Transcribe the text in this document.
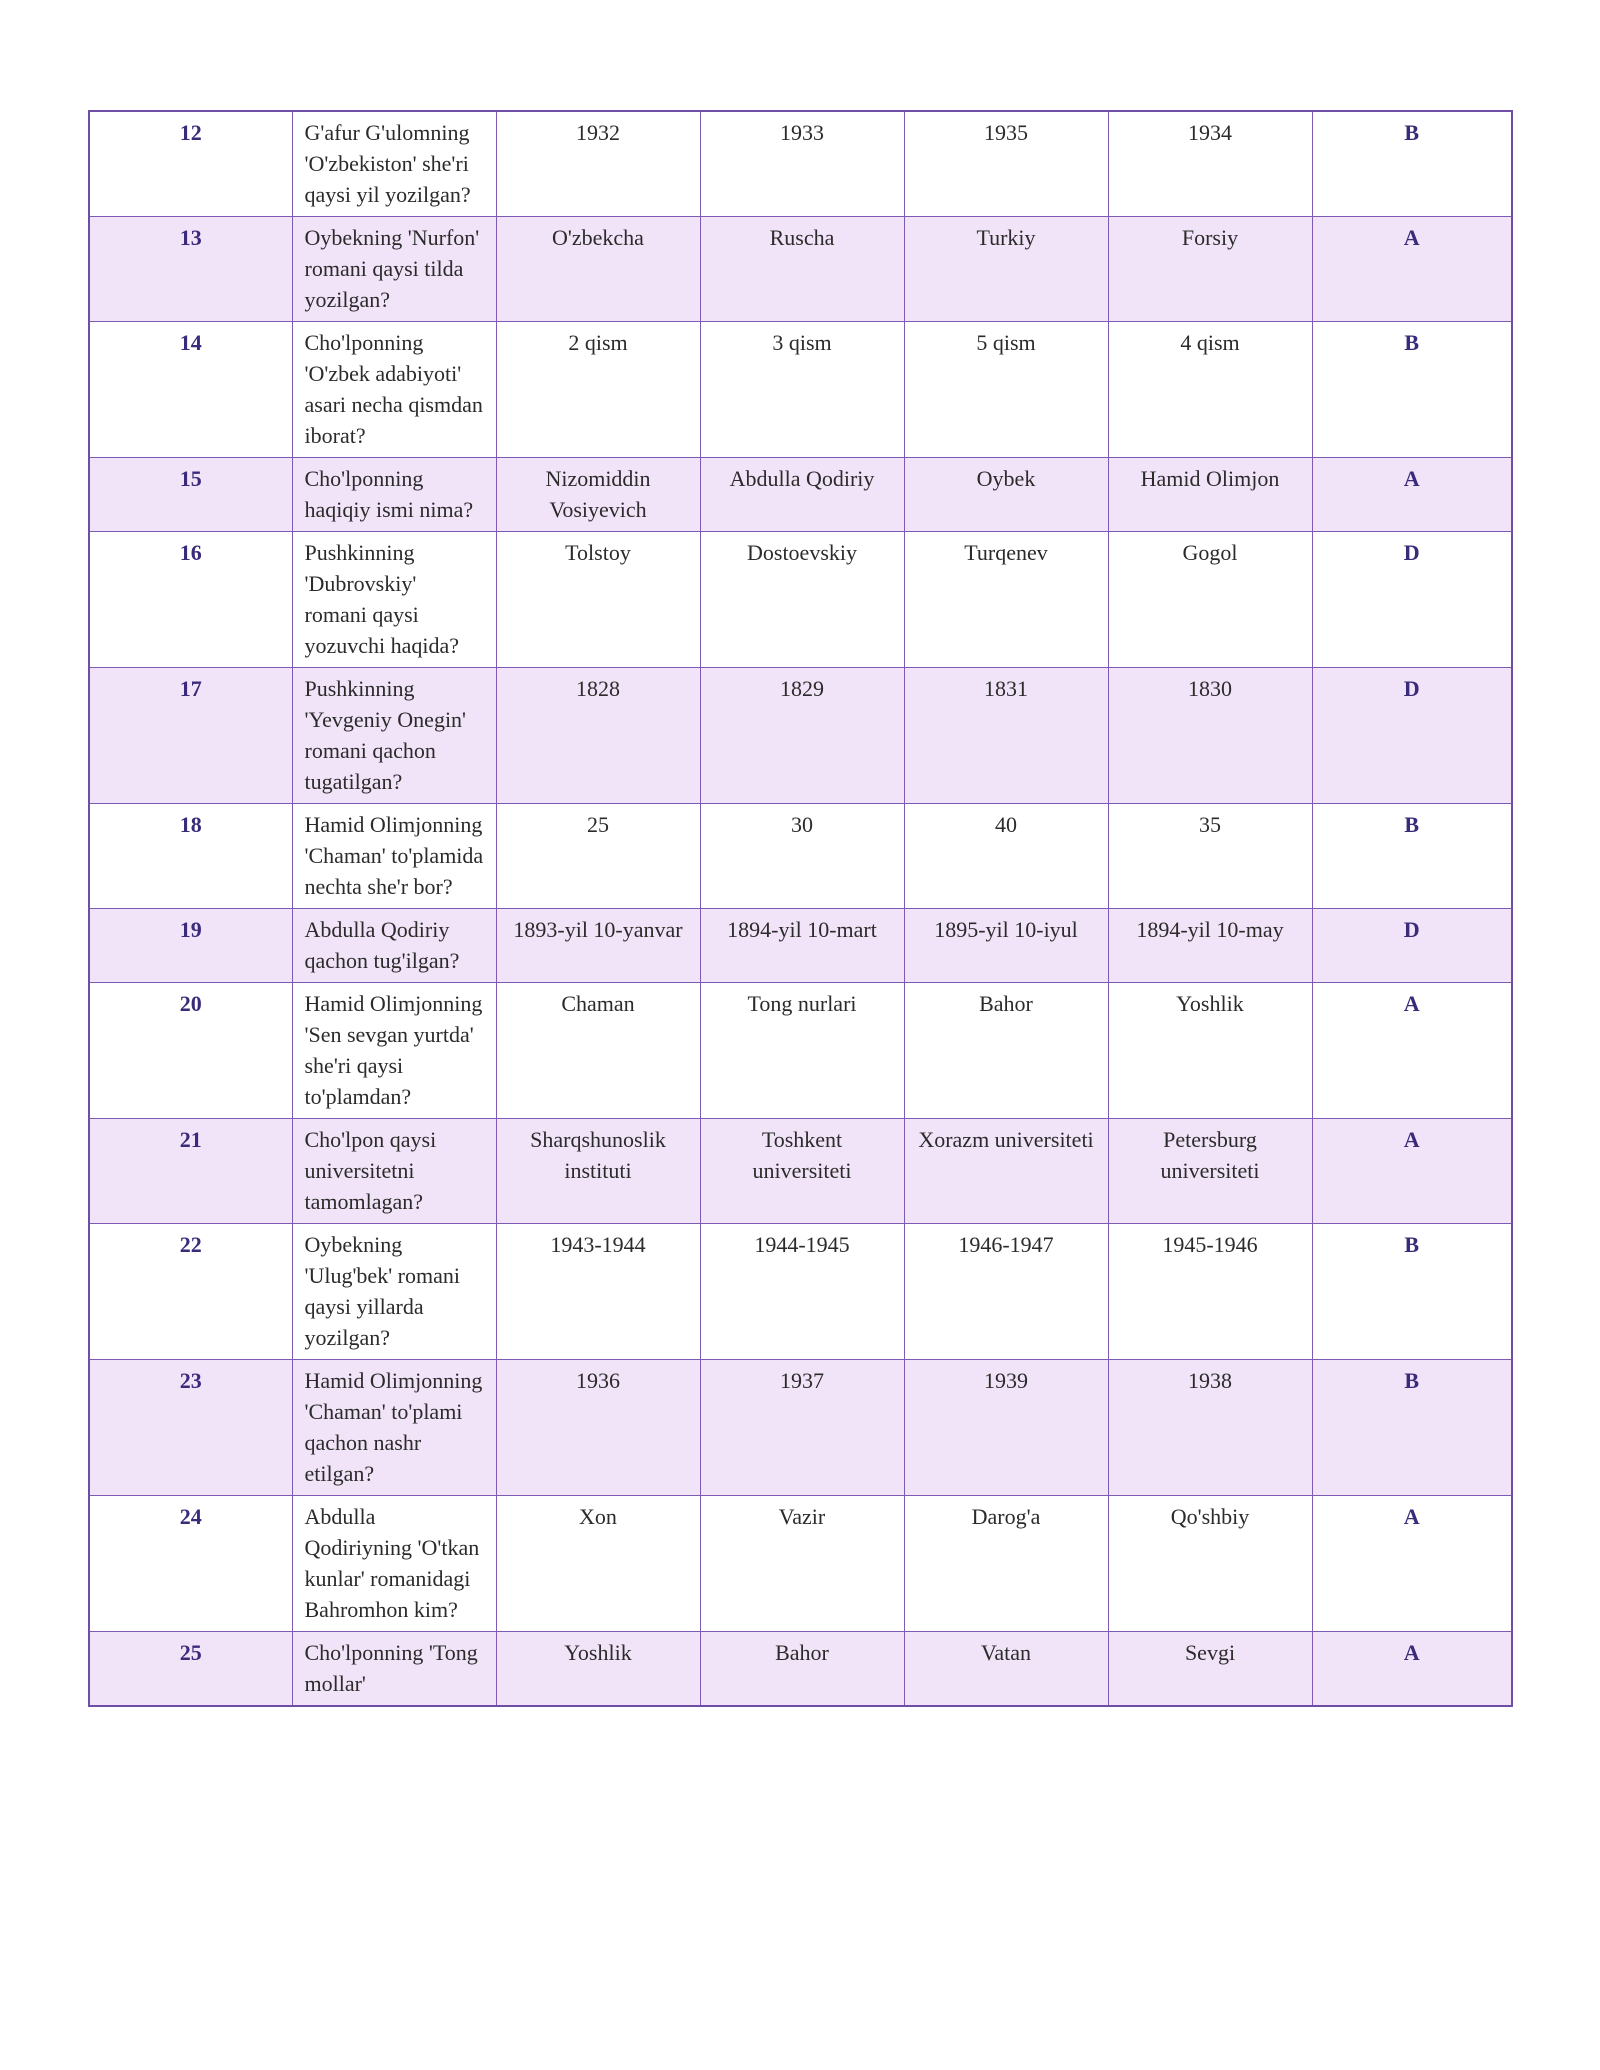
12	G'afur G'ulomning 'O'zbekiston' she'ri qaysi yil yozilgan?	1932	1933	1935	1934	B
13	Oybekning 'Nurfon' romani qaysi tilda yozilgan?	O'zbekcha	Ruscha	Turkiy	Forsiy	A
14	Cho'lponning 'O'zbek adabiyoti' asari necha qismdan iborat?	2 qism	3 qism	5 qism	4 qism	B
15	Cho'lponning haqiqiy ismi nima?	Nizomiddin Vosiyevich	Abdulla Qodiriy	Oybek	Hamid Olimjon	A
16	Pushkinning 'Dubrovskiy' romani qaysi yozuvchi haqida?	Tolstoy	Dostoevskiy	Turqenev	Gogol	D
17	Pushkinning 'Yevgeniy Onegin' romani qachon tugatilgan?	1828	1829	1831	1830	D
18	Hamid Olimjonning 'Chaman' to'plamida nechta she'r bor?	25	30	40	35	B
19	Abdulla Qodiriy qachon tug'ilgan?	1893-yil 10-yanvar	1894-yil 10-mart	1895-yil 10-iyul	1894-yil 10-may	D
20	Hamid Olimjonning 'Sen sevgan yurtda' she'ri qaysi to'plamdan?	Chaman	Tong nurlari	Bahor	Yoshlik	A
21	Cho'lpon qaysi universitetni tamomlagan?	Sharqshunoslik instituti	Toshkent universiteti	Xorazm universiteti	Petersburg universiteti	A
22	Oybekning 'Ulug'bek' romani qaysi yillarda yozilgan?	1943-1944	1944-1945	1946-1947	1945-1946	B
23	Hamid Olimjonning 'Chaman' to'plami qachon nashr etilgan?	1936	1937	1939	1938	B
24	Abdulla Qodiriyning 'O'tkan kunlar' romanidagi Bahromhon kim?	Xon	Vazir	Darog'a	Qo'shbiy	A
25	Cho'lponning 'Tong mollar'	Yoshlik	Bahor	Vatan	Sevgi	A
